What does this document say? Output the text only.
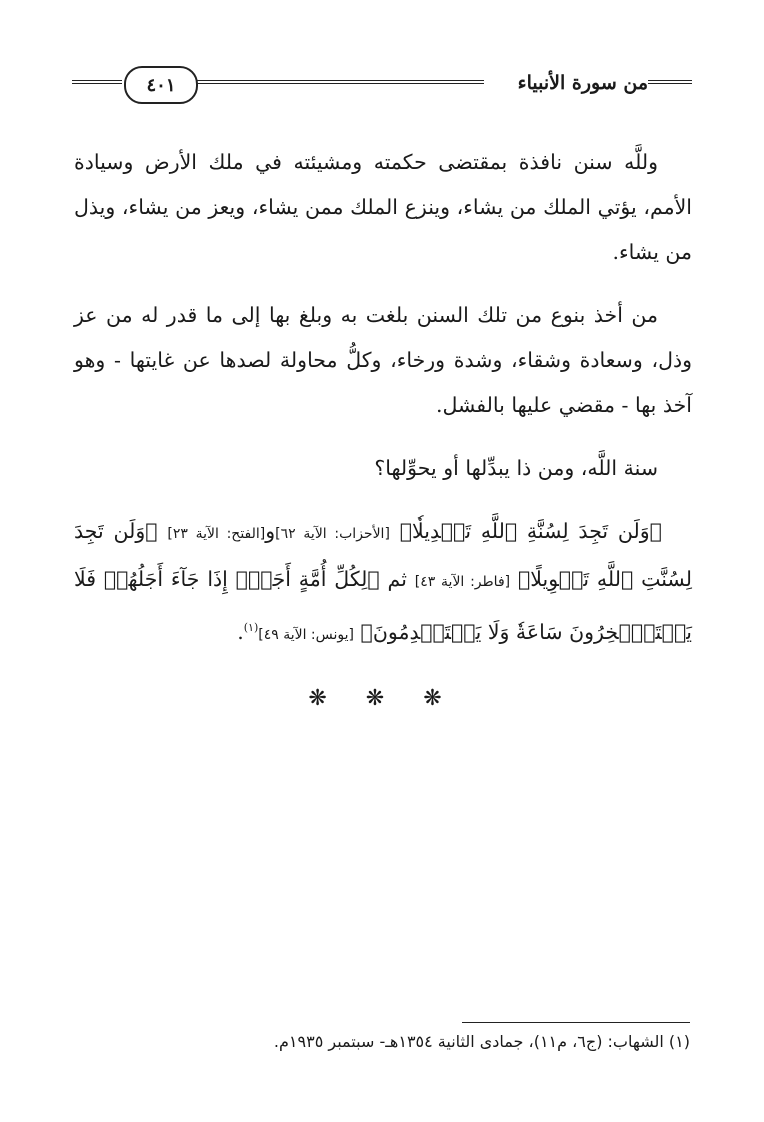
٤٠١	من سورة الأنبياء

وللَّه سنن نافذة بمقتضى حكمته ومشيئته في ملك الأرض وسيادة الأمم، يؤتي الملك من يشاء، وينزع الملك ممن يشاء، ويعز من يشاء، ويذل من يشاء.

من أخذ بنوع من تلك السنن بلغت به وبلغ بها إلى ما قدر له من عز وذل، وسعادة وشقاء، وشدة ورخاء، وكلُّ محاولة لصدها عن غايتها - وهو آخذ بها - مقضي عليها بالفشل.

سنة اللَّه، ومن ذا يبدِّلها أو يحوِّلها؟

﴿وَلَن تَجِدَ لِسُنَّةِ ٱللَّهِ تَبۡدِيلٗا﴾ [الأحزاب: الآية ٦٢]و[الفتح: الآية ٢٣] ﴿وَلَن تَجِدَ لِسُنَّتِ ٱللَّهِ تَحۡوِيلًا﴾ [فاطر: الآية ٤٣] ثم ﴿لِكُلِّ أُمَّةٍ أَجَلٌۚ إِذَا جَآءَ أَجَلُهُمۡ فَلَا يَسۡتَـٔۡخِرُونَ سَاعَةٗ وَلَا يَسۡتَقۡدِمُونَ﴾ [يونس: الآية ٤٩]$^{(١)}$.

❋ ❋ ❋

(١) الشهاب: (ج٦، م١١)، جمادى الثانية ١٣٥٤هـ- سبتمبر ١٩٣٥م.
